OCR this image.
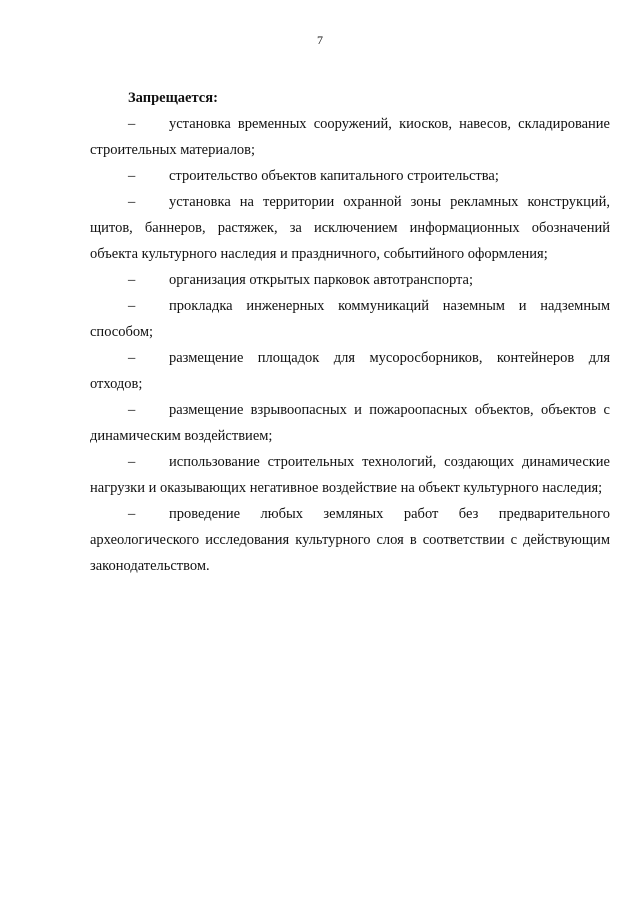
7

Запрещается:

– установка временных сооружений, киосков, навесов, складирование строительных материалов;

– строительство объектов капитального строительства;

– установка на территории охранной зоны рекламных конструкций, щитов, баннеров, растяжек, за исключением информационных обозначений объекта культурного наследия и праздничного, событийного оформления;

– организация открытых парковок автотранспорта;

– прокладка инженерных коммуникаций наземным и надземным способом;

– размещение площадок для мусоросборников, контейнеров для отходов;

– размещение взрывоопасных и пожароопасных объектов, объектов с динамическим воздействием;

– использование строительных технологий, создающих динамические нагрузки и оказывающих негативное воздействие на объект культурного наследия;

– проведение любых земляных работ без предварительного археологического исследования культурного слоя в соответствии с действующим законодательством.
